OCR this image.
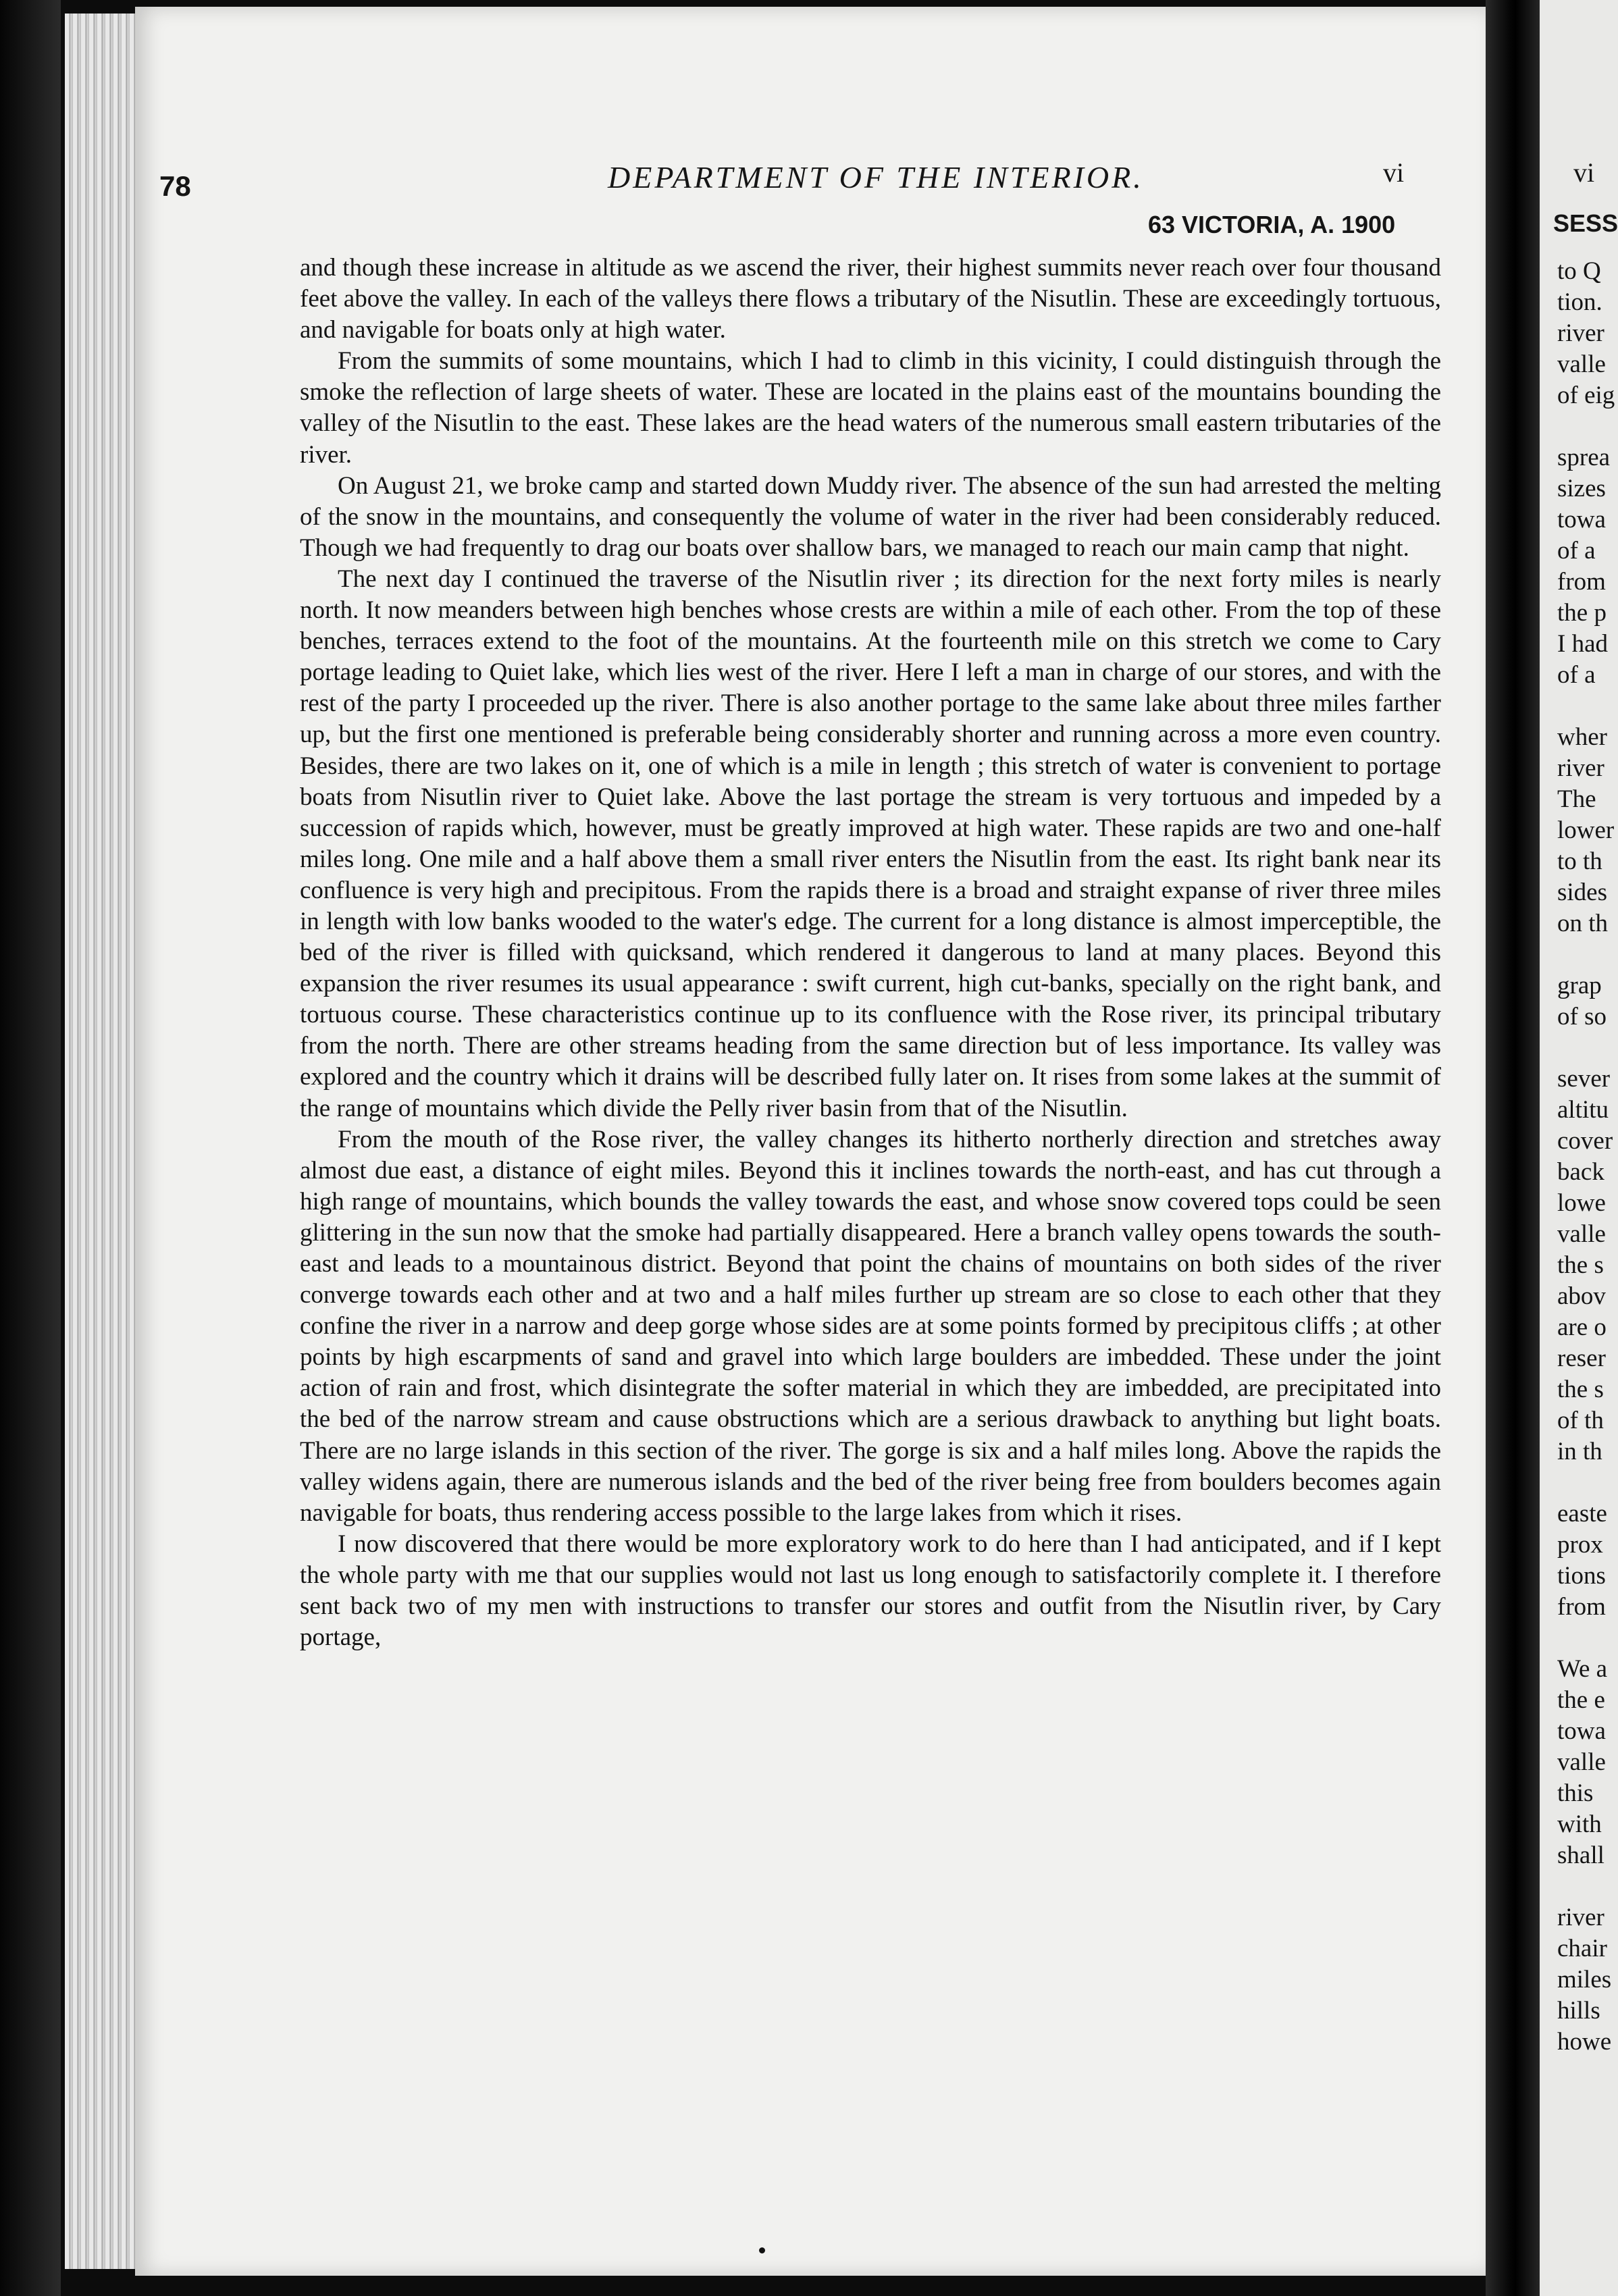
78	DEPARTMENT OF THE INTERIOR.	vi
63 VICTORIA, A. 1900

and though these increase in altitude as we ascend the river, their highest summits never reach over four thousand feet above the valley. In each of the valleys there flows a tributary of the Nisutlin. These are exceedingly tortuous, and navigable for boats only at high water.

From the summits of some mountains, which I had to climb in this vicinity, I could distinguish through the smoke the reflection of large sheets of water. These are located in the plains east of the mountains bounding the valley of the Nisutlin to the east. These lakes are the head waters of the numerous small eastern tributaries of the river.

On August 21, we broke camp and started down Muddy river. The absence of the sun had arrested the melting of the snow in the mountains, and consequently the volume of water in the river had been considerably reduced. Though we had frequently to drag our boats over shallow bars, we managed to reach our main camp that night.

The next day I continued the traverse of the Nisutlin river ; its direction for the next forty miles is nearly north. It now meanders between high benches whose crests are within a mile of each other. From the top of these benches, terraces extend to the foot of the mountains. At the fourteenth mile on this stretch we come to Cary portage leading to Quiet lake, which lies west of the river. Here I left a man in charge of our stores, and with the rest of the party I proceeded up the river. There is also another portage to the same lake about three miles farther up, but the first one mentioned is preferable being considerably shorter and running across a more even country. Besides, there are two lakes on it, one of which is a mile in length ; this stretch of water is convenient to portage boats from Nisutlin river to Quiet lake. Above the last portage the stream is very tortuous and impeded by a succession of rapids which, however, must be greatly improved at high water. These rapids are two and one-half miles long. One mile and a half above them a small river enters the Nisutlin from the east. Its right bank near its confluence is very high and precipitous. From the rapids there is a broad and straight expanse of river three miles in length with low banks wooded to the water's edge. The current for a long distance is almost imperceptible, the bed of the river is filled with quicksand, which rendered it dangerous to land at many places. Beyond this expansion the river resumes its usual appearance : swift current, high cut-banks, specially on the right bank, and tortuous course. These characteristics continue up to its confluence with the Rose river, its principal tributary from the north. There are other streams heading from the same direction but of less importance. Its valley was explored and the country which it drains will be described fully later on. It rises from some lakes at the summit of the range of mountains which divide the Pelly river basin from that of the Nisutlin.

From the mouth of the Rose river, the valley changes its hitherto northerly direction and stretches away almost due east, a distance of eight miles. Beyond this it inclines towards the north-east, and has cut through a high range of mountains, which bounds the valley towards the east, and whose snow covered tops could be seen glittering in the sun now that the smoke had partially disappeared. Here a branch valley opens towards the south-east and leads to a mountainous district. Beyond that point the chains of mountains on both sides of the river converge towards each other and at two and a half miles further up stream are so close to each other that they confine the river in a narrow and deep gorge whose sides are at some points formed by precipitous cliffs ; at other points by high escarpments of sand and gravel into which large boulders are imbedded. These under the joint action of rain and frost, which disintegrate the softer material in which they are imbedded, are precipitated into the bed of the narrow stream and cause obstructions which are a serious drawback to anything but light boats. There are no large islands in this section of the river. The gorge is six and a half miles long. Above the rapids the valley widens again, there are numerous islands and the bed of the river being free from boulders becomes again navigable for boats, thus rendering access possible to the large lakes from which it rises.

I now discovered that there would be more exploratory work to do here than I had anticipated, and if I kept the whole party with me that our supplies would not last us long enough to satisfactorily complete it. I therefore sent back two of my men with instructions to transfer our stores and outfit from the Nisutlin river, by Cary portage,

vi
SESS
to Q
tion.
river
valle
of eig
sprea
sizes
towa
of a
from
the p
I had
of a
wher
river
The
lower
to th
sides
on th
grap
of so
sever
altitu
cover
back
lowe
valle
the s
abov
are o
reser
the s
of th
in th
easte
prox
tions
from
We a
the e
towa
valle
this
with
shall
river
chair
miles
hills
howe
